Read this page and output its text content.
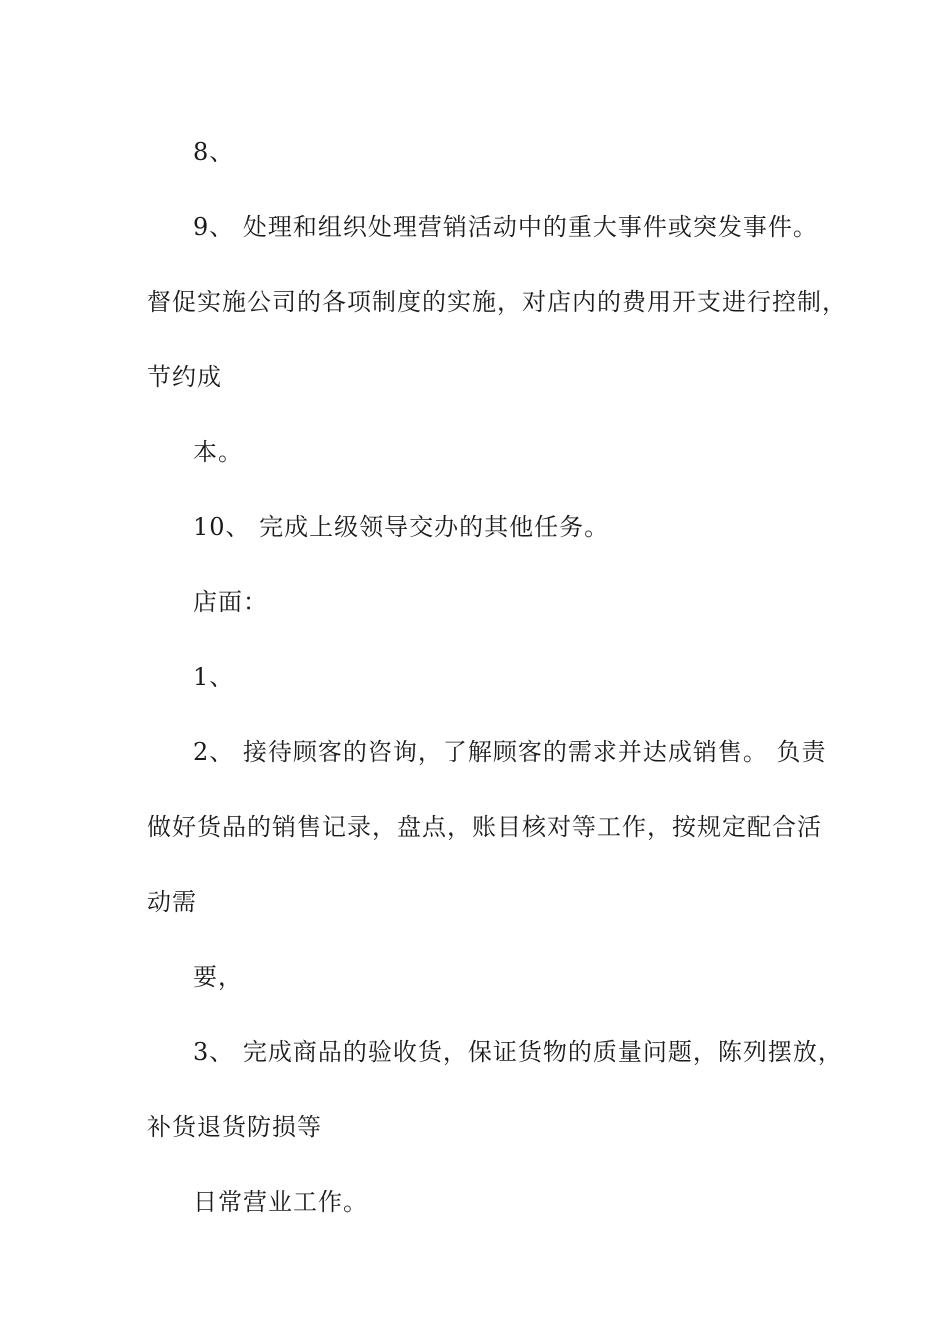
8、
9、 处理和组织处理营销活动中的重大事件或突发事件。
督促实施公司的各项制度的实施，对店内的费用开支进行控制，
节约成
本。
10、 完成上级领导交办的其他任务。
店面：
1、
2、 接待顾客的咨询，了解顾客的需求并达成销售。 负责
做好货品的销售记录，盘点，账目核对等工作，按规定配合活
动需
要，
3、 完成商品的验收货，保证货物的质量问题，陈列摆放，
补货退货防损等
日常营业工作。
